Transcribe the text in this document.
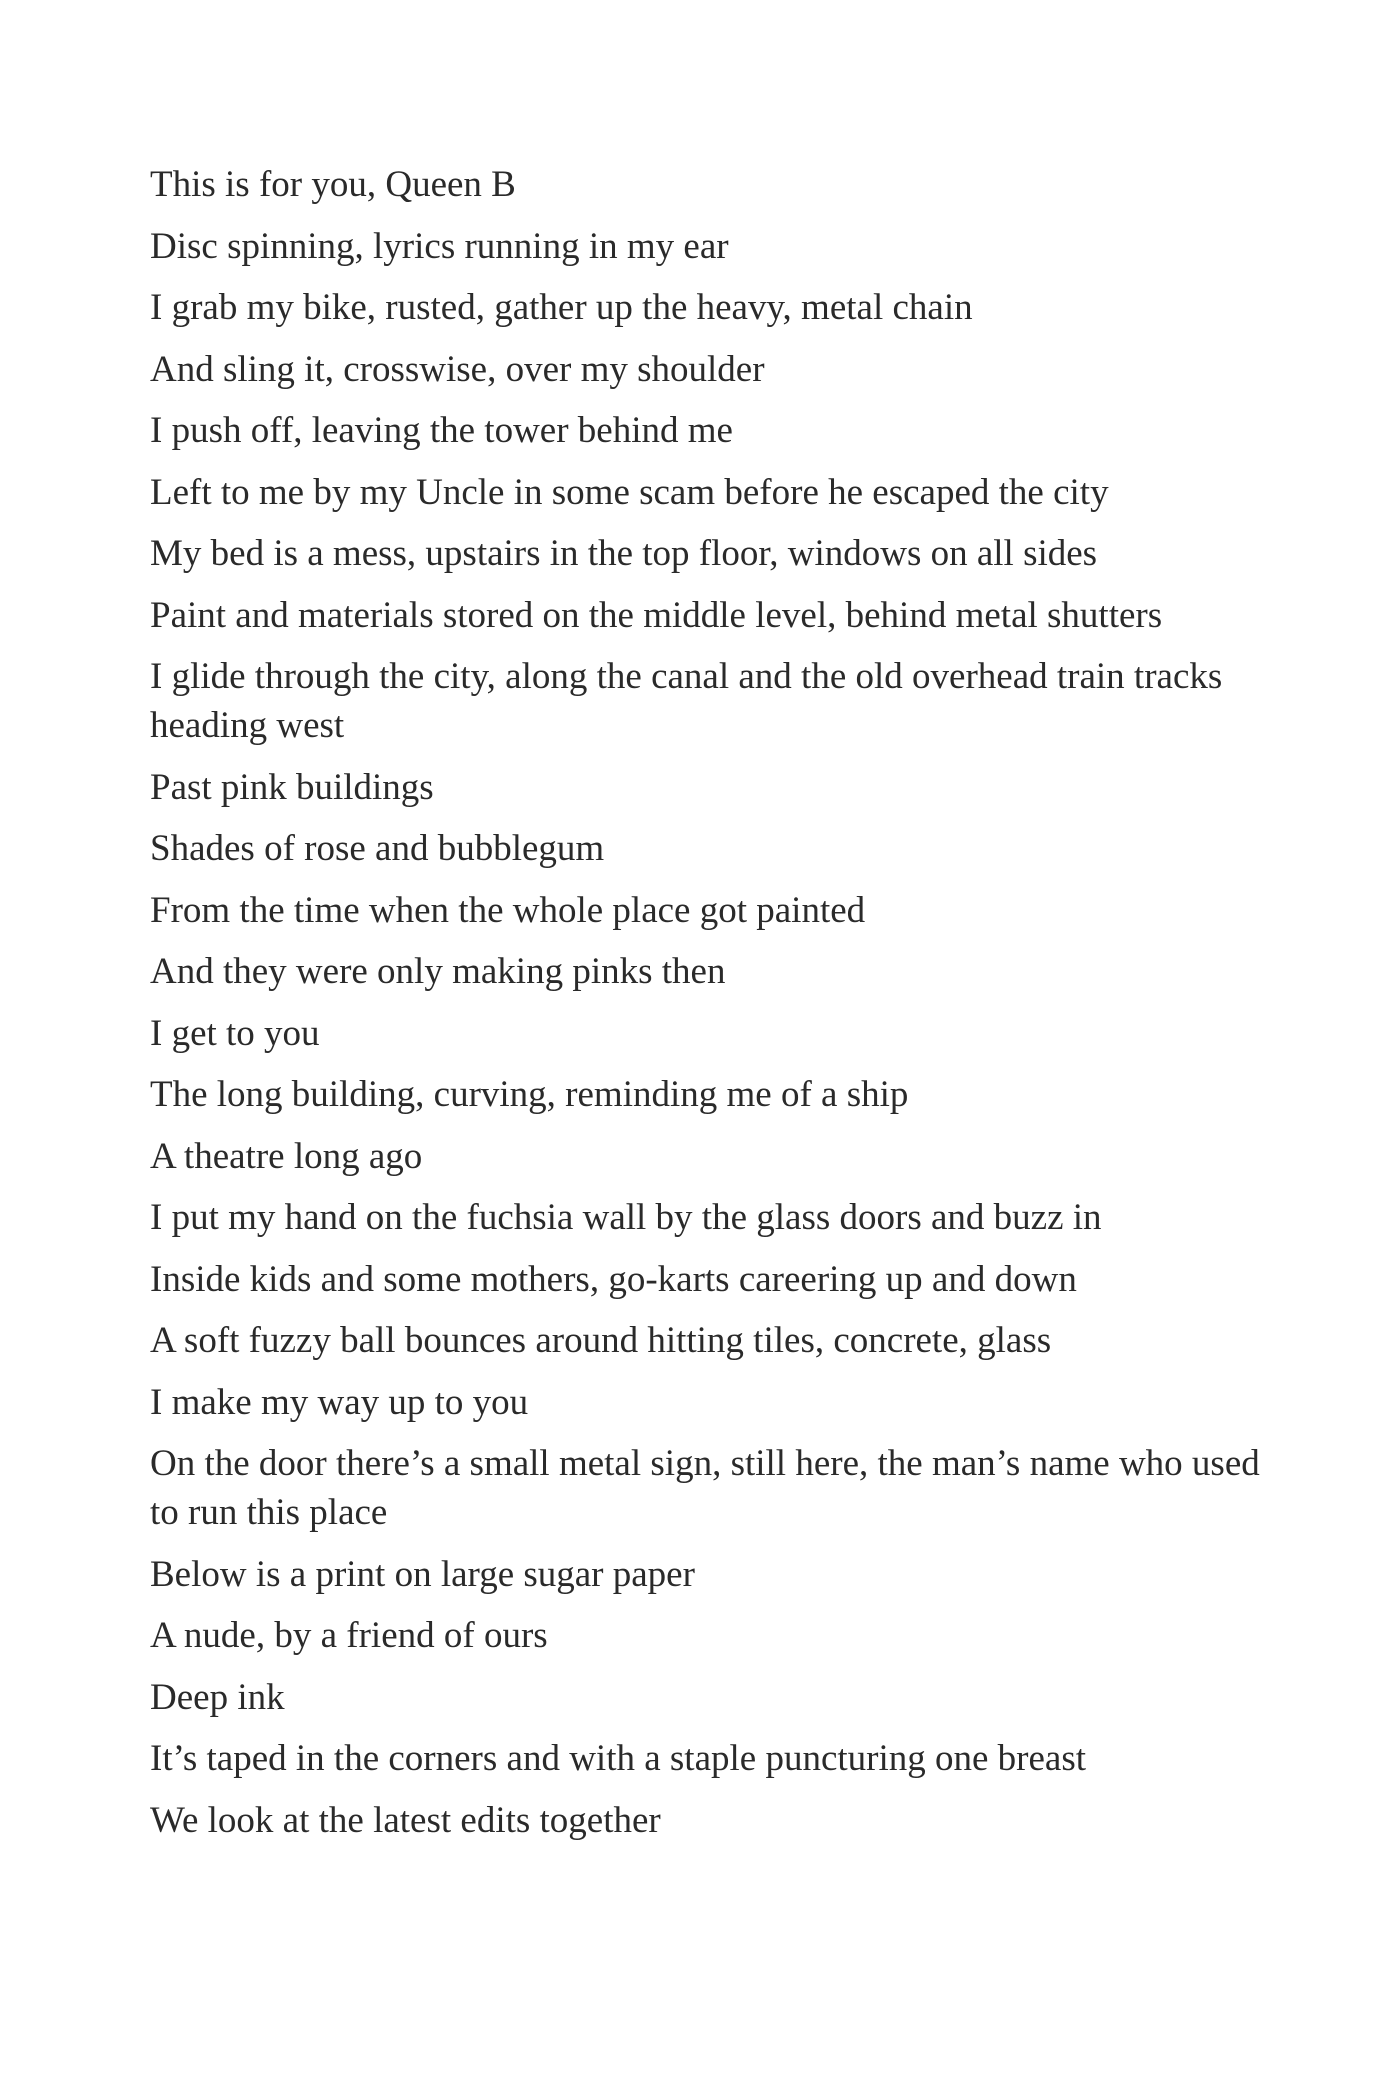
This is for you, Queen B

Disc spinning, lyrics running in my ear

I grab my bike, rusted, gather up the heavy, metal chain

And sling it, crosswise, over my shoulder

I push off, leaving the tower behind me

Left to me by my Uncle in some scam before he escaped the city

My bed is a mess, upstairs in the top floor, windows on all sides

Paint and materials stored on the middle level, behind metal shutters

I glide through the city, along the canal and the old overhead train tracks heading west

Past pink buildings

Shades of rose and bubblegum

From the time when the whole place got painted

And they were only making pinks then

I get to you

The long building, curving, reminding me of a ship

A theatre long ago

I put my hand on the fuchsia wall by the glass doors and buzz in

Inside kids and some mothers, go-karts careering up and down

A soft fuzzy ball bounces around hitting tiles, concrete, glass

I make my way up to you

On the door there’s a small metal sign, still here, the man’s name who used to run this place

Below is a print on large sugar paper

A nude, by a friend of ours

Deep ink

It’s taped in the corners and with a staple puncturing one breast

We look at the latest edits together
